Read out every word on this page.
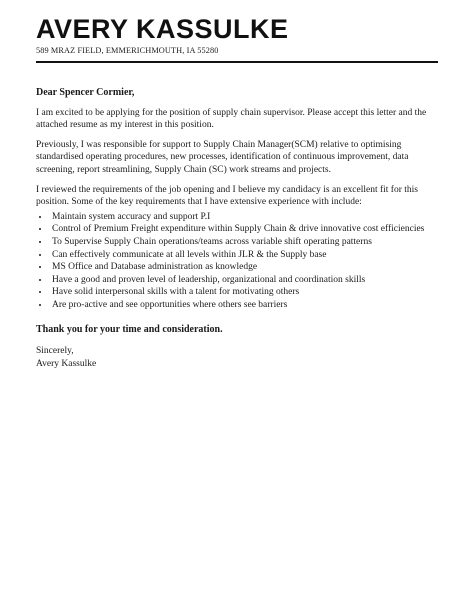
AVERY KASSULKE

589 MRAZ FIELD, EMMERICHMOUTH, IA 55280

Dear Spencer Cormier,

I am excited to be applying for the position of supply chain supervisor. Please accept this letter and the attached resume as my interest in this position.

Previously, I was responsible for support to Supply Chain Manager(SCM) relative to optimising standardised operating procedures, new processes, identification of continuous improvement, data screening, report streamlining, Supply Chain (SC) work streams and projects.

I reviewed the requirements of the job opening and I believe my candidacy is an excellent fit for this position. Some of the key requirements that I have extensive experience with include:

• Maintain system accuracy and support P.I
• Control of Premium Freight expenditure within Supply Chain & drive innovative cost efficiencies
• To Supervise Supply Chain operations/teams across variable shift operating patterns
• Can effectively communicate at all levels within JLR & the Supply base
• MS Office and Database administration as knowledge
• Have a good and proven level of leadership, organizational and coordination skills
• Have solid interpersonal skills with a talent for motivating others
• Are pro-active and see opportunities where others see barriers

Thank you for your time and consideration.

Sincerely,

Avery Kassulke
